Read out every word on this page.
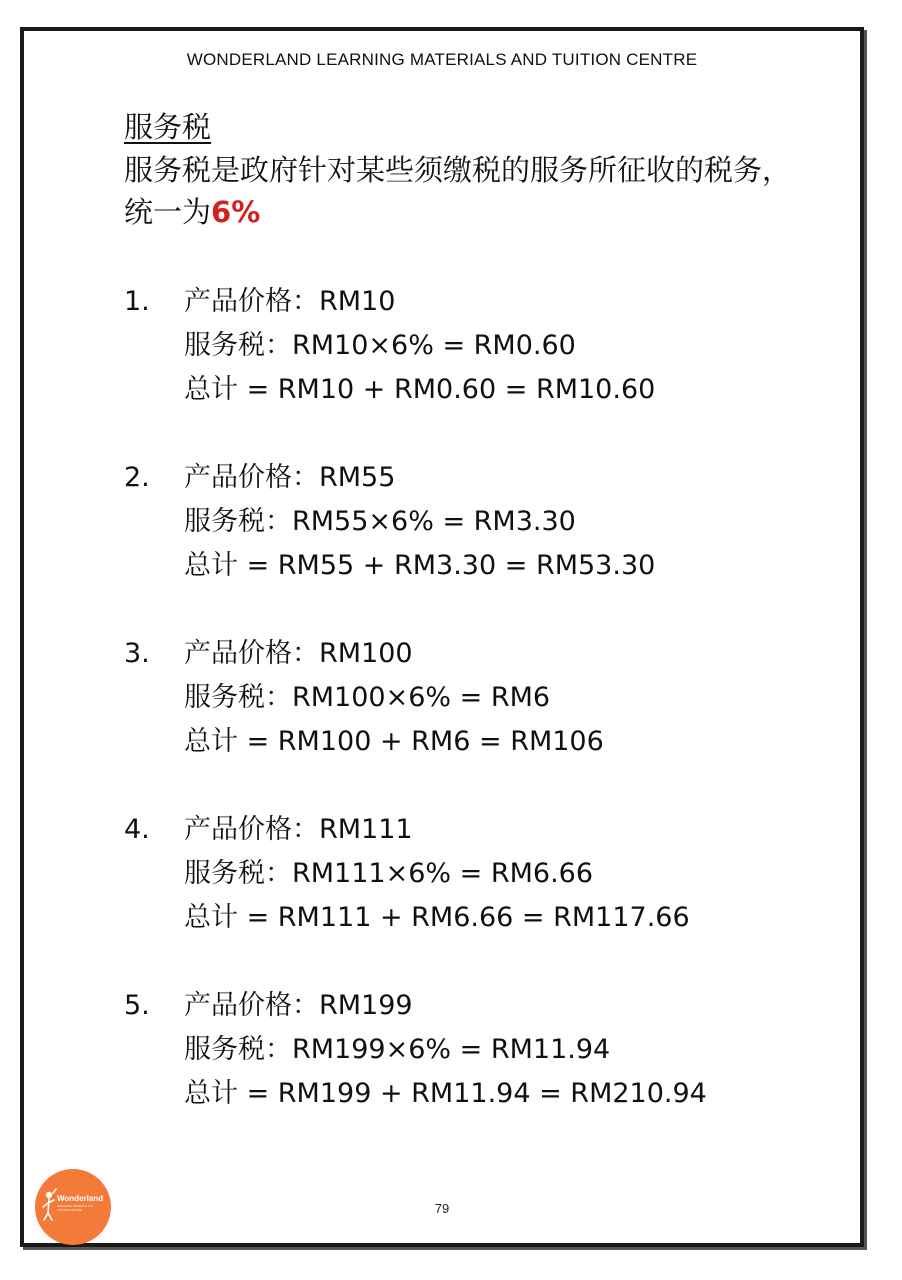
WONDERLAND LEARNING MATERIALS AND TUITION CENTRE
服务税
服务税是政府针对某些须缴税的服务所征收的税务，统一为6%
1. 产品价格：RM10
服务税：RM10×6% = RM0.60
总计 = RM10 + RM0.60 = RM10.60
2. 产品价格：RM55
服务税：RM55×6% = RM3.30
总计 = RM55 + RM3.30 = RM53.30
3. 产品价格：RM100
服务税：RM100×6% = RM6
总计 = RM100 + RM6 = RM106
4. 产品价格：RM111
服务税：RM111×6% = RM6.66
总计 = RM111 + RM6.66 = RM117.66
5. 产品价格：RM199
服务税：RM199×6% = RM11.94
总计 = RM199 + RM11.94 = RM210.94
Wonderland
LEARNING MATERIALS & TUITION CENTRE	79
